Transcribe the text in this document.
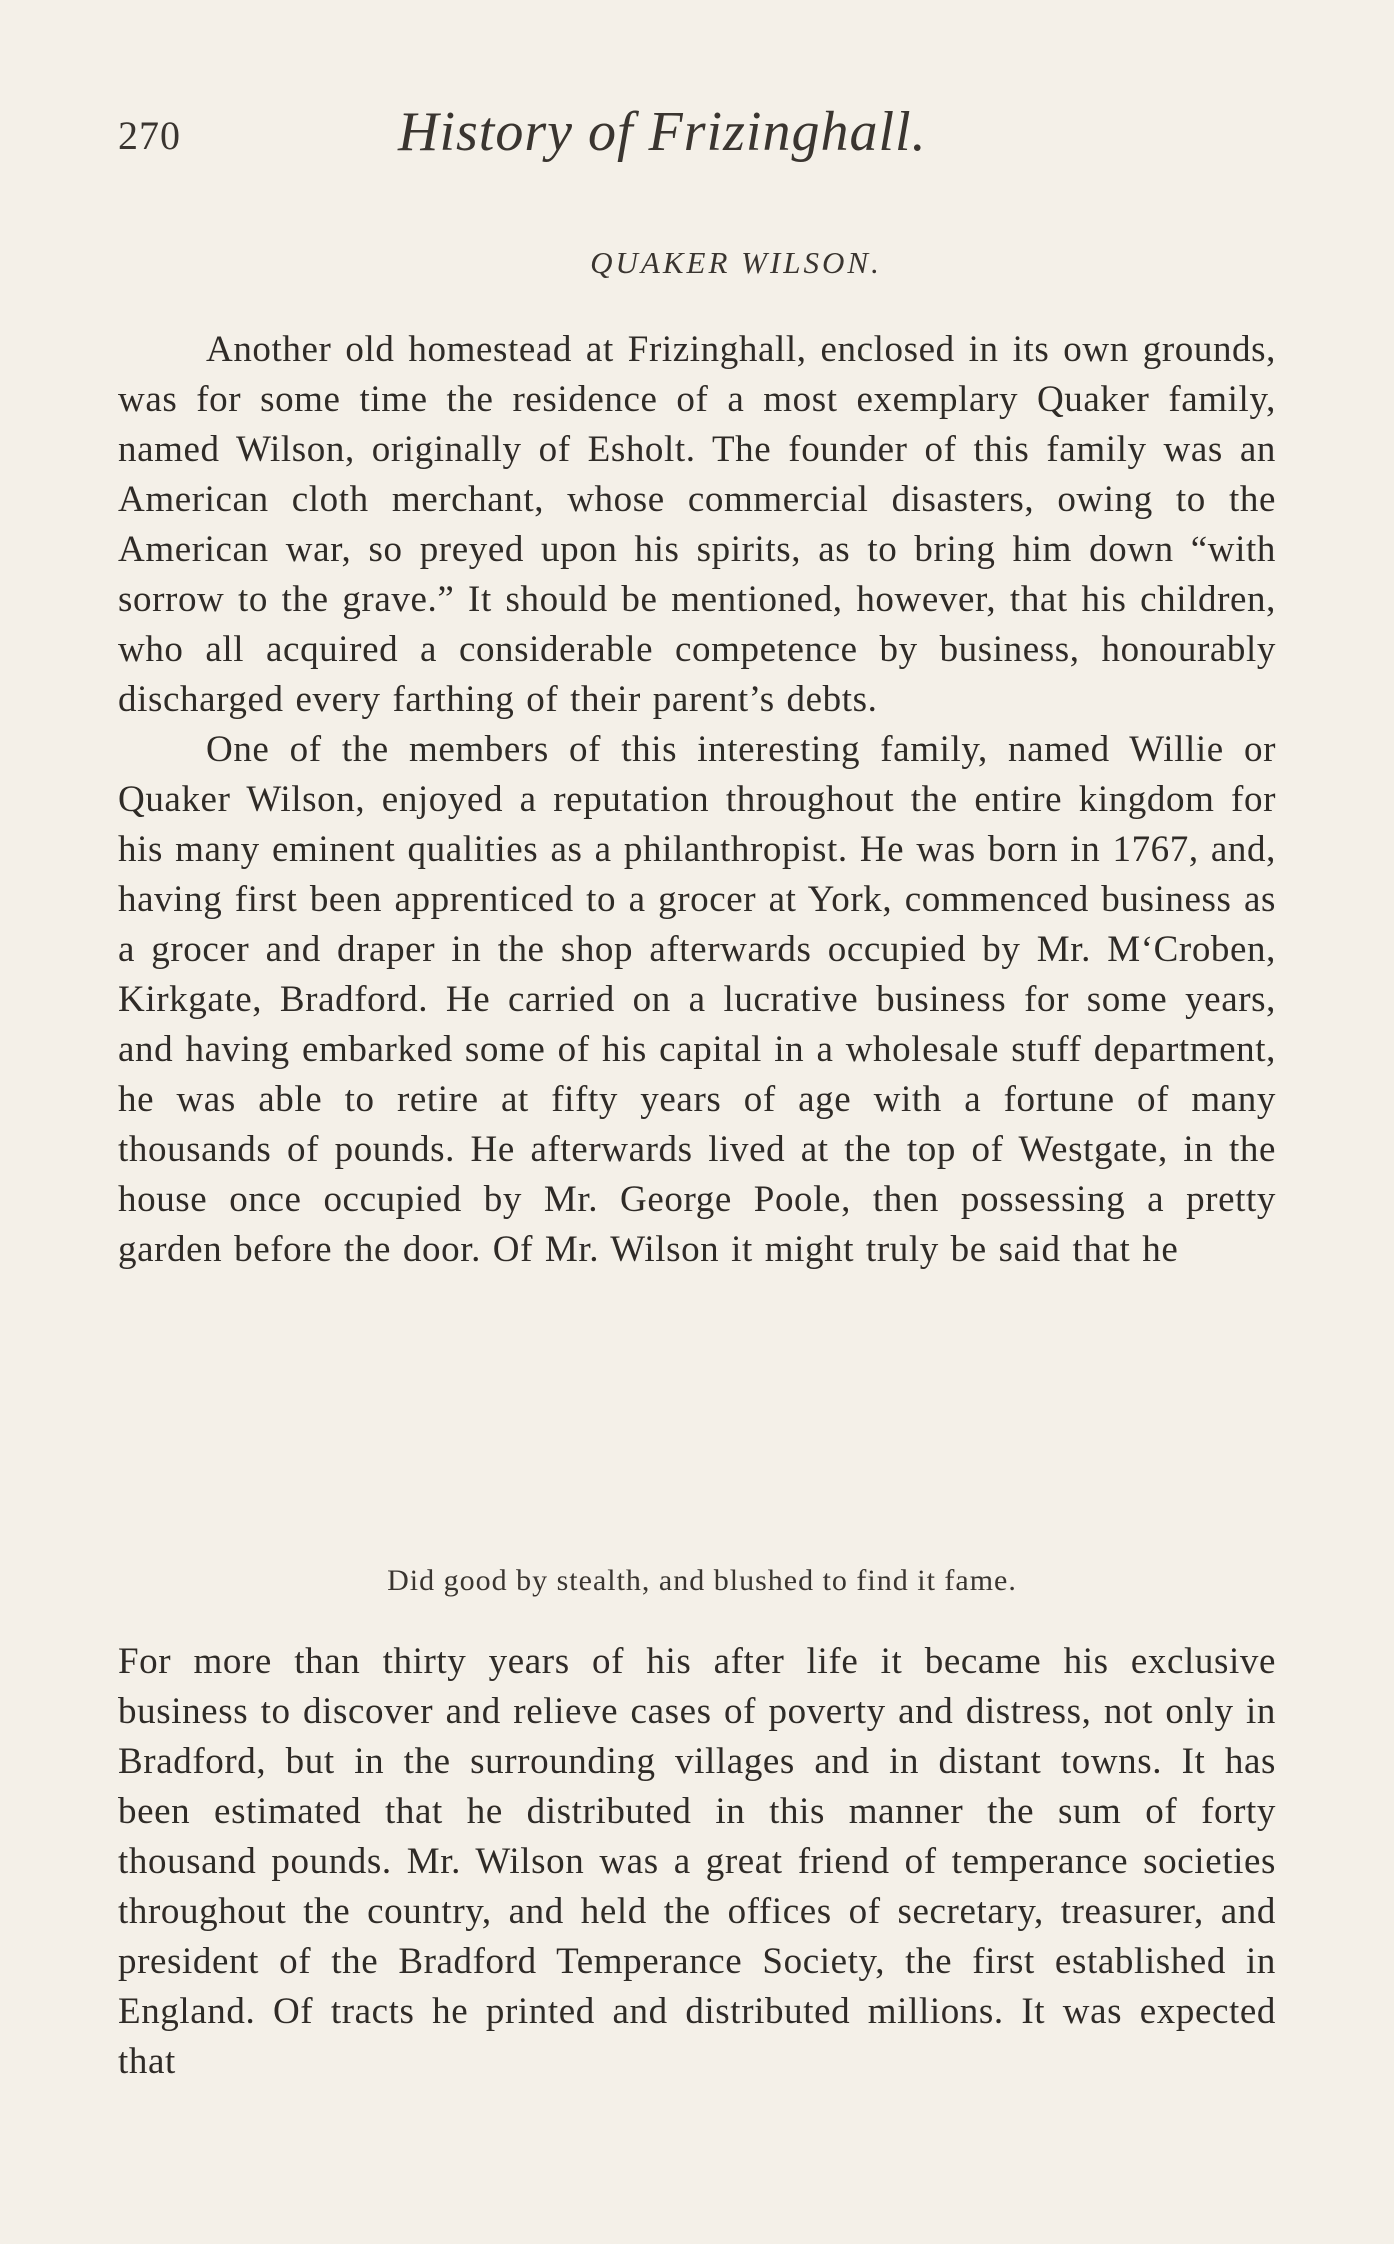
270	History of Frizinghall.
QUAKER WILSON.

Another old homestead at Frizinghall, enclosed in its own grounds, was for some time the residence of a most exemplary Quaker family, named Wilson, originally of Esholt. The founder of this family was an American cloth merchant, whose commercial disasters, owing to the American war, so preyed upon his spirits, as to bring him down “with sorrow to the grave.” It should be mentioned, however, that his children, who all acquired a considerable competence by business, honourably discharged every farthing of their parent’s debts.

One of the members of this interesting family, named Willie or Quaker Wilson, enjoyed a reputation throughout the entire kingdom for his many eminent qualities as a philanthropist. He was born in 1767, and, having first been apprenticed to a grocer at York, commenced business as a grocer and draper in the shop afterwards occupied by Mr. M‘Croben, Kirkgate, Bradford. He carried on a lucrative business for some years, and having embarked some of his capital in a wholesale stuff department, he was able to retire at fifty years of age with a fortune of many thousands of pounds. He afterwards lived at the top of Westgate, in the house once occupied by Mr. George Poole, then possessing a pretty garden before the door. Of Mr. Wilson it might truly be said that he

Did good by stealth, and blushed to find it fame.

For more than thirty years of his after life it became his exclusive business to discover and relieve cases of poverty and distress, not only in Bradford, but in the surrounding villages and in distant towns. It has been estimated that he distributed in this manner the sum of forty thousand pounds. Mr. Wilson was a great friend of temperance societies throughout the country, and held the offices of secretary, treasurer, and president of the Bradford Temperance Society, the first established in England. Of tracts he printed and distributed millions. It was expected that
